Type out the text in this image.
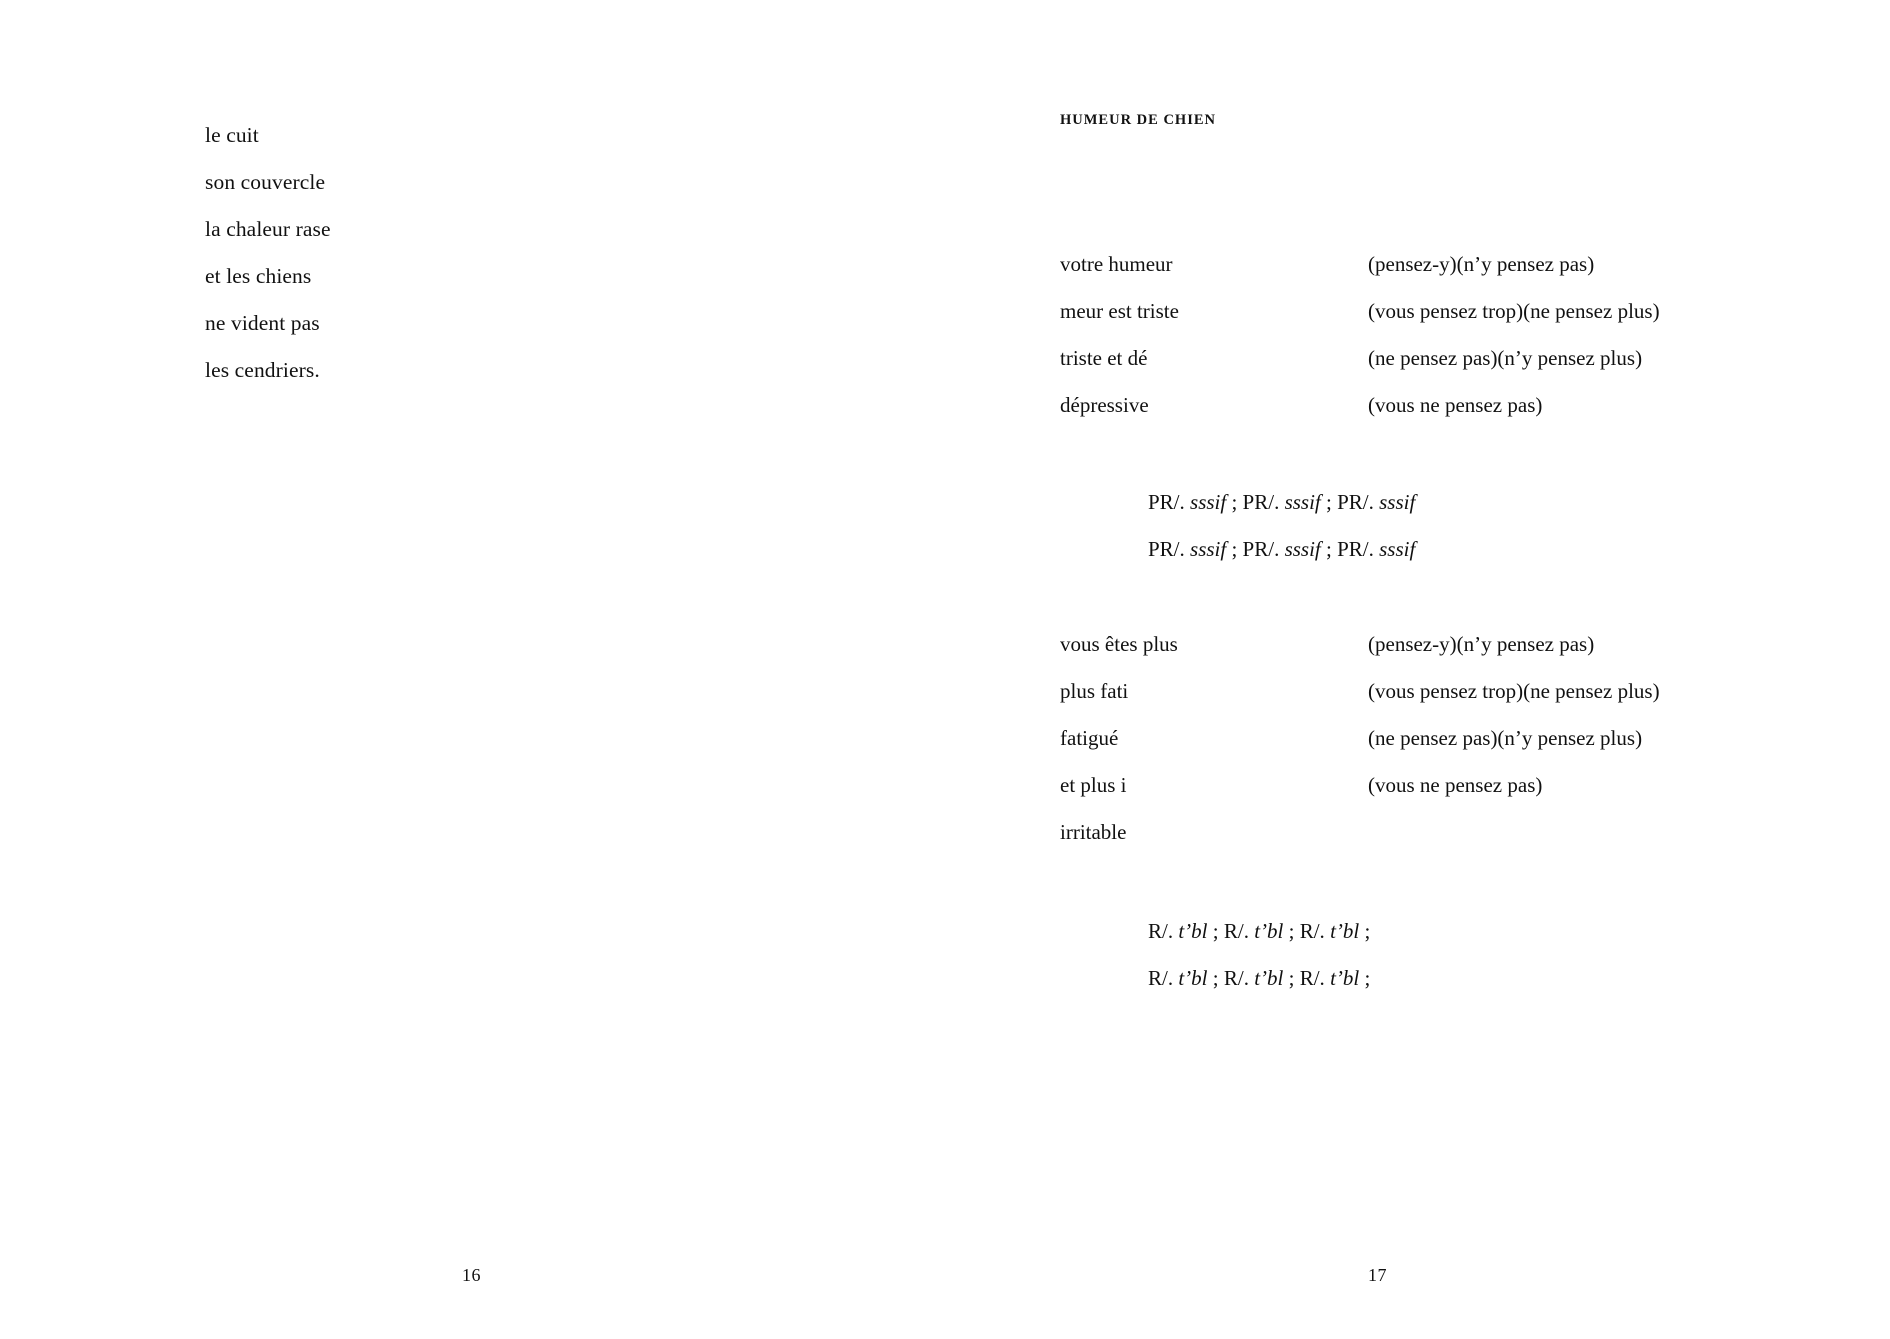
le cuit
son couvercle
la chaleur rase
et les chiens
ne vident pas
les cendriers.
16
HUMEUR DE CHIEN
votre humeur	(pensez-y)(n’y pensez pas)
meur est triste	(vous pensez trop)(ne pensez plus)
triste et dé	(ne pensez pas)(n’y pensez plus)
dépressive	(vous ne pensez pas)
PR/. sssif ; PR/. sssif ; PR/. sssif
PR/. sssif ; PR/. sssif ; PR/. sssif
vous êtes plus	(pensez-y)(n’y pensez pas)
plus fati	(vous pensez trop)(ne pensez plus)
fatigué	(ne pensez pas)(n’y pensez plus)
et plus i	(vous ne pensez pas)
irritable
R/. t’bl ; R/. t’bl ; R/. t’bl ;
R/. t’bl ; R/. t’bl ; R/. t’bl ;
17
